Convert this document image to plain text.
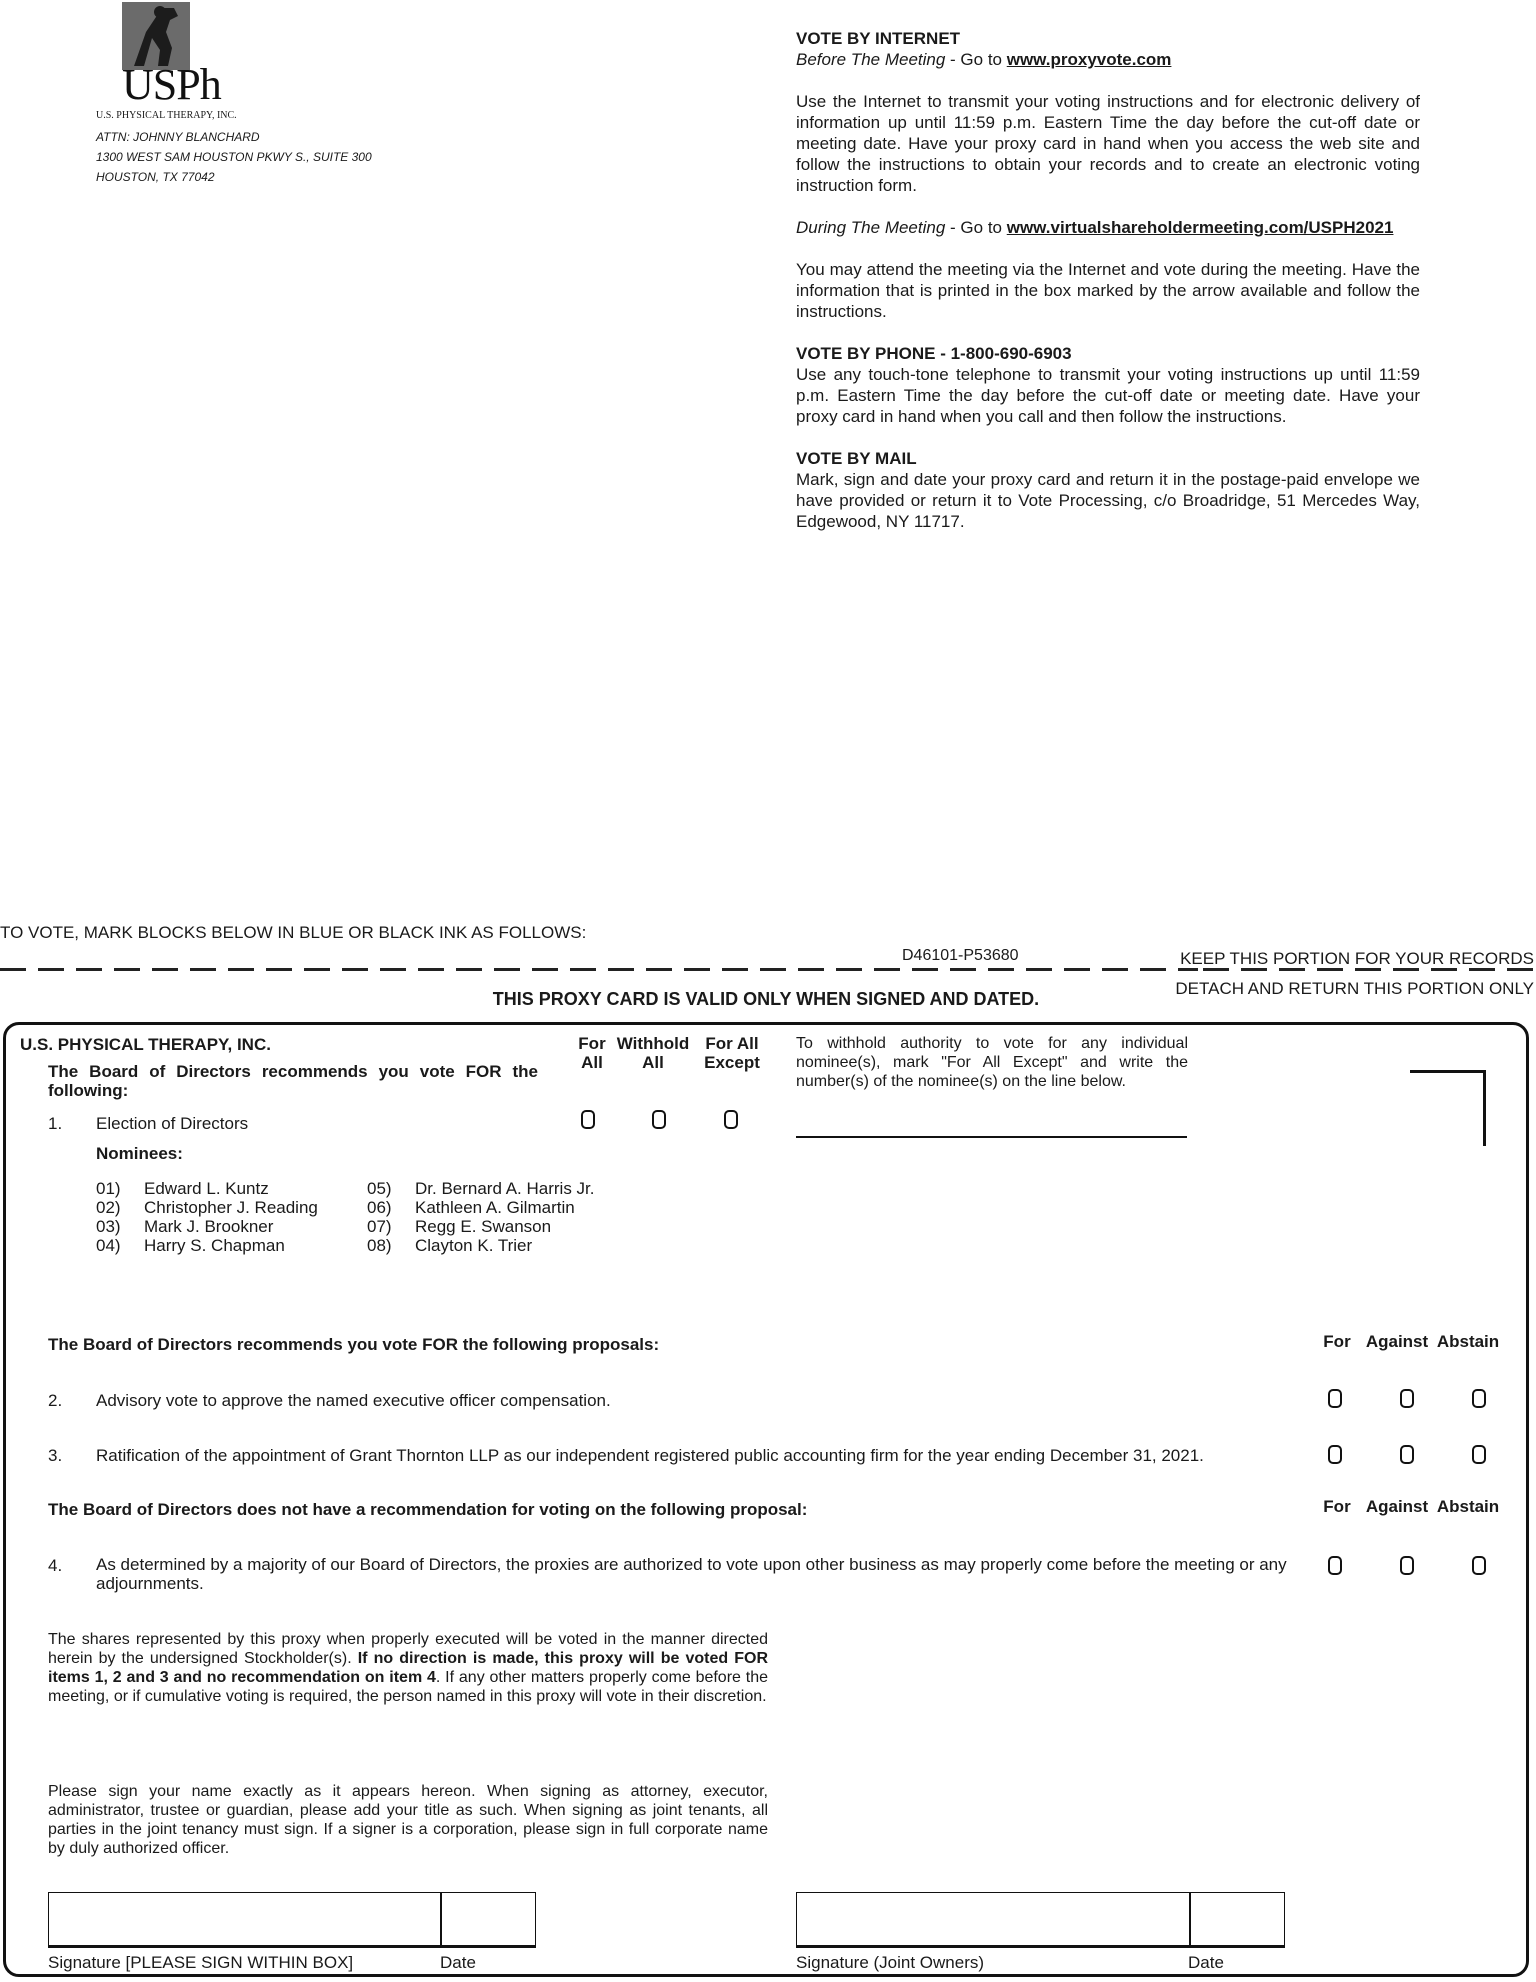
USPh
U.S. PHYSICAL THERAPY, INC.
ATTN: JOHNNY BLANCHARD
1300 WEST SAM HOUSTON PKWY S., SUITE 300
HOUSTON, TX 77042
VOTE BY INTERNET
Before The Meeting - Go to www.proxyvote.com

Use the Internet to transmit your voting instructions and for electronic delivery of information up until 11:59 p.m. Eastern Time the day before the cut-off date or meeting date. Have your proxy card in hand when you access the web site and follow the instructions to obtain your records and to create an electronic voting instruction form.

During The Meeting - Go to www.virtualshareholdermeeting.com/USPH2021

You may attend the meeting via the Internet and vote during the meeting. Have the information that is printed in the box marked by the arrow available and follow the instructions.

VOTE BY PHONE - 1-800-690-6903

Use any touch-tone telephone to transmit your voting instructions up until 11:59 p.m. Eastern Time the day before the cut-off date or meeting date. Have your proxy card in hand when you call and then follow the instructions.

VOTE BY MAIL

Mark, sign and date your proxy card and return it in the postage-paid envelope we have provided or return it to Vote Processing, c/o Broadridge, 51 Mercedes Way, Edgewood, NY 11717.

TO VOTE, MARK BLOCKS BELOW IN BLUE OR BLACK INK AS FOLLOWS:
D46101-P53680	KEEP THIS PORTION FOR YOUR RECORDS
DETACH AND RETURN THIS PORTION ONLY
THIS PROXY CARD IS VALID ONLY WHEN SIGNED AND DATED.
U.S. PHYSICAL THERAPY, INC.
The Board of Directors recommends you vote FOR the following:
For All
Withhold All
For All Except
To withhold authority to vote for any individual nominee(s), mark "For All Except" and write the number(s) of the nominee(s) on the line below.
1. Election of Directors
Nominees:
01) Edward L. Kuntz
02) Christopher J. Reading
03) Mark J. Brookner
04) Harry S. Chapman
05) Dr. Bernard A. Harris Jr.
06) Kathleen A. Gilmartin
07) Regg E. Swanson
08) Clayton K. Trier
The Board of Directors recommends you vote FOR the following proposals:	For Against Abstain
2. Advisory vote to approve the named executive officer compensation.
3. Ratification of the appointment of Grant Thornton LLP as our independent registered public accounting firm for the year ending December 31, 2021.
The Board of Directors does not have a recommendation for voting on the following proposal:	For Against Abstain
4. As determined by a majority of our Board of Directors, the proxies are authorized to vote upon other business as may properly come before the meeting or any adjournments.
The shares represented by this proxy when properly executed will be voted in the manner directed herein by the undersigned Stockholder(s). If no direction is made, this proxy will be voted FOR items 1, 2 and 3 and no recommendation on item 4. If any other matters properly come before the meeting, or if cumulative voting is required, the person named in this proxy will vote in their discretion.
Please sign your name exactly as it appears hereon. When signing as attorney, executor, administrator, trustee or guardian, please add your title as such. When signing as joint tenants, all parties in the joint tenancy must sign. If a signer is a corporation, please sign in full corporate name by duly authorized officer.
Signature [PLEASE SIGN WITHIN BOX]	Date	Signature (Joint Owners)	Date
